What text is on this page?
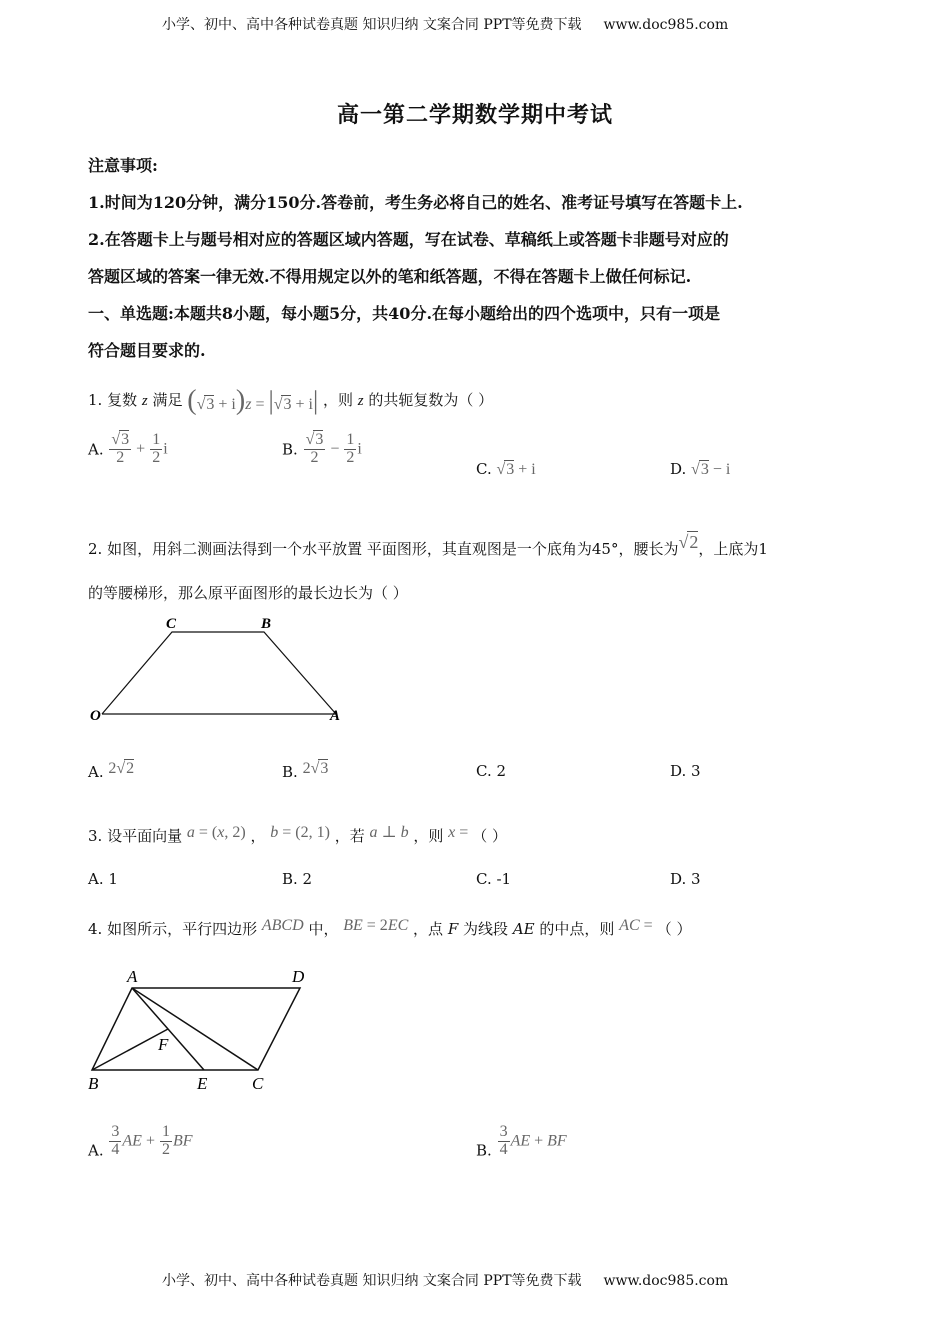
小学、初中、高中各种试卷真题 知识归纳 文案合同 PPT等免费下载 www.doc985.com
高一第二学期数学期中考试
注意事项:
1.时间为120分钟，满分150分.答卷前，考生务必将自己的姓名、准考证号填写在答题卡上.
2.在答题卡上与题号相对应的答题区域内答题，写在试卷、草稿纸上或答题卡非题号对应的
答题区域的答案一律无效.不得用规定以外的笔和纸答题，不得在答题卡上做任何标记.
一、单选题:本题共8小题，每小题5分，共40分.在每小题给出的四个选项中，只有一项是
符合题目要求的.
1. 复数 z 满足 (√3 + i)z = |√3 + i| ，则 z 的共轭复数为（ ）
A. $\frac{√3}{2} + \frac{1}{2}$ i	B. $\frac{√3}{2} - \frac{1}{2}$ i
C. √3 + i	D. √3 − i
2. 如图，用斜二测画法得到一个水平放置 平面图形，其直观图是一个底角为45°，腰长为√2，上底为1
的等腰梯形，那么原平面图形的最长边长为（ ）
C	B
O	A
A. 2√2	B. 2√3	C. 2	D. 3
3. 设平面向量 a = (x, 2) ， b = (2, 1) ，若 a ⊥ b ，则 x = （ ）
A. 1	B. 2	C. -1	D. 3
4. 如图所示，平行四边形 ABCD 中， BE = 2EC ，点 F 为线段 AE 的中点，则 AC = （ ）
A	D
F
B	E	C
A. $\frac{3}{4}$ AE + $\frac{1}{2}$ BF
B. $\frac{3}{4}$ AE + BF
小学、初中、高中各种试卷真题 知识归纳 文案合同 PPT等免费下载 www.doc985.com
